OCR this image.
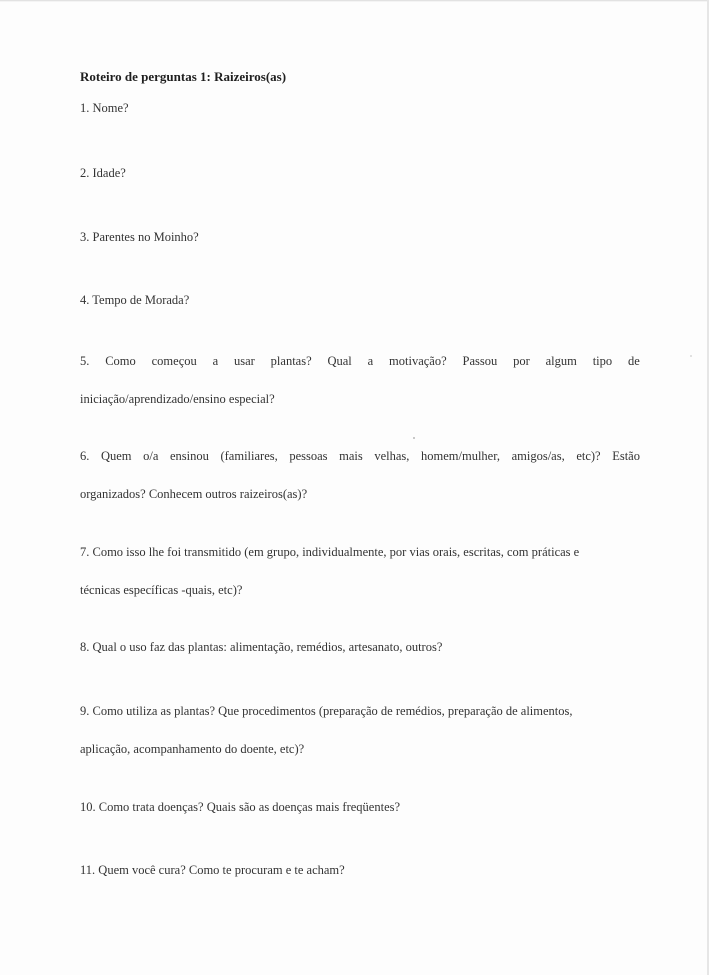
Roteiro de perguntas 1: Raizeiros(as)
1. Nome?
2. Idade?
3. Parentes no Moinho?
4. Tempo de Morada?
5. Como começou a usar plantas? Qual a motivação? Passou por algum tipo de
iniciação/aprendizado/ensino especial?
6. Quem o/a ensinou (familiares, pessoas mais velhas, homem/mulher, amigos/as, etc)? Estão
organizados? Conhecem outros raizeiros(as)?
7. Como isso lhe foi transmitido (em grupo, individualmente, por vias orais, escritas, com práticas e
técnicas específicas -quais, etc)?
8. Qual o uso faz das plantas: alimentação, remédios, artesanato, outros?
9. Como utiliza as plantas? Que procedimentos (preparação de remédios, preparação de alimentos,
aplicação, acompanhamento do doente, etc)?
10. Como trata doenças? Quais são as doenças mais freqüentes?
11. Quem você cura? Como te procuram e te acham?
